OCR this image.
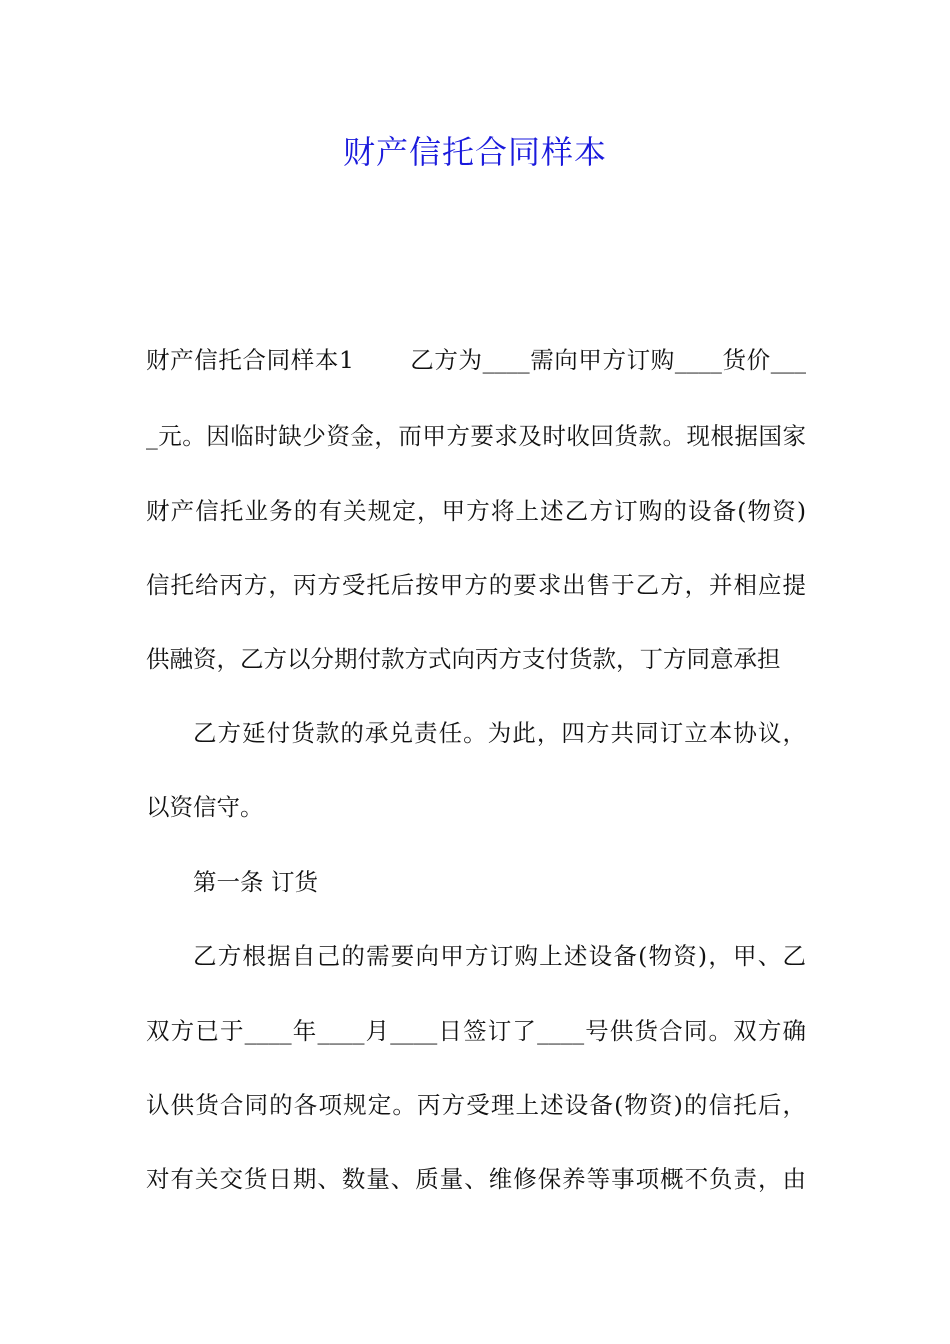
财产信托合同样本
财产信托合同样本1 　　乙方为____需向甲方订购____货价___
_元。因临时缺少资金，而甲方要求及时收回货款。现根据国家
财产信托业务的有关规定，甲方将上述乙方订购的设备(物资)
信托给丙方，丙方受托后按甲方的要求出售于乙方，并相应提
供融资，乙方以分期付款方式向丙方支付货款，丁方同意承担
乙方延付货款的承兑责任。为此，四方共同订立本协议，
以资信守。
第一条 订货
乙方根据自己的需要向甲方订购上述设备(物资)，甲、乙
双方已于____年____月____日签订了____号供货合同。双方确
认供货合同的各项规定。丙方受理上述设备(物资)的信托后，
对有关交货日期、数量、质量、维修保养等事项概不负责，由
